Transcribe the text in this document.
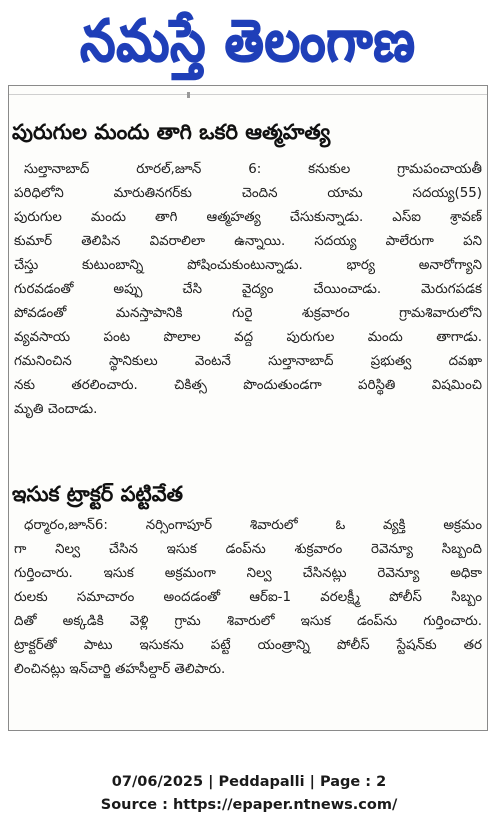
నమస్తే తెలంగాణ
పురుగుల మందు తాగి ఒకరి ఆత్మహత్య
సుల్తానాబాద్ రూరల్,జూన్ 6: కనుకుల గ్రామపంచాయతీ
పరిధిలోని మారుతినగర్‌కు చెందిన యామ సదయ్య(55)
పురుగుల మందు తాగి ఆత్మహత్య చేసుకున్నాడు. ఎస్ఐ శ్రావణ్
కుమార్ తెలిపిన వివరాలిలా ఉన్నాయి. సదయ్య పాలేరుగా పని
చేస్తు కుటుంబాన్ని పోషించుకుంటున్నాడు. భార్య అనారోగ్యాని
గురవడంతో అప్పు చేసి వైద్యం చేయించాడు. మెరుగపడక
పోవడంతో మనస్తాపానికి గురై శుక్రవారం గ్రామశివారులోని
వ్యవసాయ పంట పొలాల వద్ద పురుగుల మందు తాగాడు.
గమనించిన స్థానికులు వెంటనే సుల్తానాబాద్ ప్రభుత్వ దవఖా
నకు తరలించారు. చికిత్స పొందుతుండగా పరిస్థితి విషమించి
మృతి చెందాడు.
ఇసుక ట్రాక్టర్ పట్టివేత
ధర్మారం,జూన్6: నర్సింగాపూర్ శివారులో ఓ వ్యక్తి అక్రమం
గా నిల్వ చేసిన ఇసుక డంప్‌ను శుక్రవారం రెవెన్యూ సిబ్బంది
గుర్తించారు. ఇసుక అక్రమంగా నిల్వ చేసినట్లు రెవెన్యూ అధికా
రులకు సమాచారం అందడంతో ఆర్ఐ-1 వరలక్ష్మీ పోలీస్ సిబ్బం
దితో అక్కడికి వెళ్లి గ్రామ శివారులో ఇసుక డంప్‌ను గుర్తించారు.
ట్రాక్టర్‌తో పాటు ఇసుకను పట్టే యంత్రాన్ని పోలీస్ స్టేషన్‌కు తర
లించినట్లు ఇన్‌చార్జి తహసీల్దార్ తెలిపారు.
07/06/2025 | Peddapalli | Page : 2
Source : https://epaper.ntnews.com/
